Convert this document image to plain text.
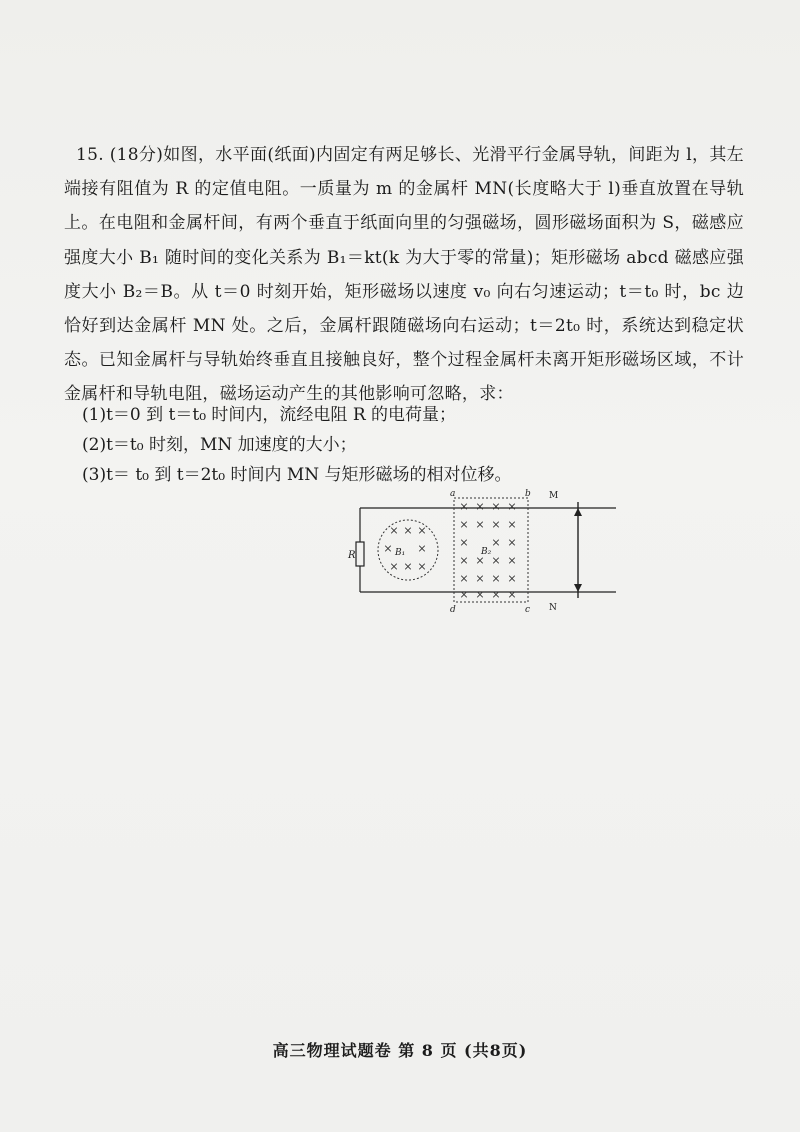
15. (18分)如图，水平面(纸面)内固定有两足够长、光滑平行金属导轨，间距为 l，其左端接有阻值为 R 的定值电阻。一质量为 m 的金属杆 MN(长度略大于 l)垂直放置在导轨上。在电阻和金属杆间，有两个垂直于纸面向里的匀强磁场，圆形磁场面积为 S，磁感应强度大小 B₁ 随时间的变化关系为 B₁＝kt(k 为大于零的常量)；矩形磁场 abcd 磁感应强度大小 B₂＝B。从 t＝0 时刻开始，矩形磁场以速度 v₀ 向右匀速运动；t＝t₀ 时，bc 边恰好到达金属杆 MN 处。之后，金属杆跟随磁场向右运动；t＝2t₀ 时，系统达到稳定状态。已知金属杆与导轨始终垂直且接触良好，整个过程金属杆未离开矩形磁场区域，不计金属杆和导轨电阻，磁场运动产生的其他影响可忽略，求：

(1)t＝0 到 t＝t₀ 时间内，流经电阻 R 的电荷量；
(2)t＝t₀ 时刻，MN 加速度的大小；
(3)t＝ t₀ 到 t＝2t₀ 时间内 MN 与矩形磁场的相对位移。
R
× × ×
× ×
× × ×
B₁
× × × ×
× × × ×
× × ×
× × × ×
× × × ×
× × × ×
B₂
a	b
d	c
M
N
高三物理试题卷 第 8 页 (共8页)
